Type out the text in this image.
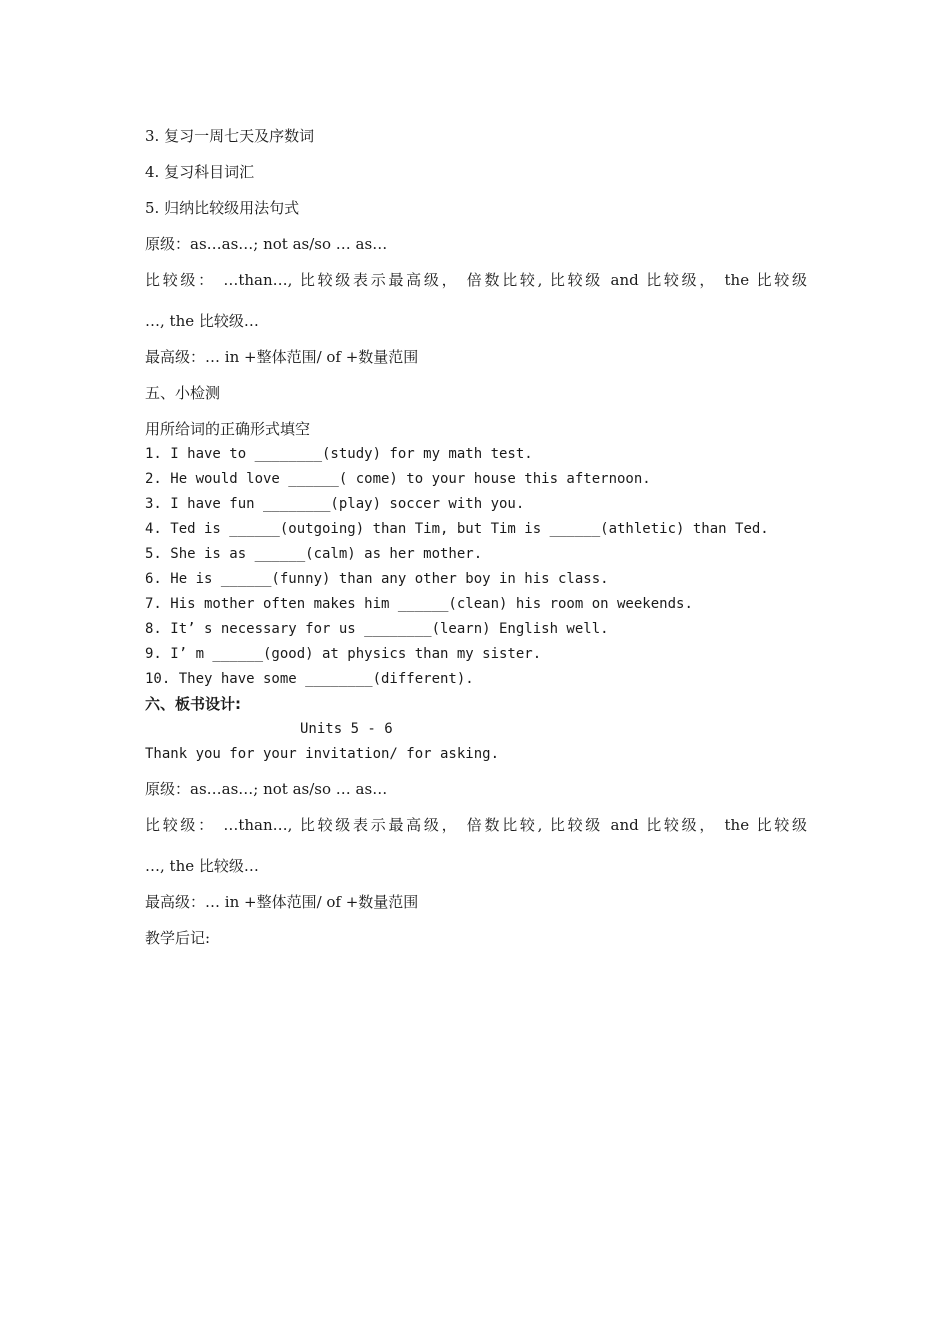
3. 复习一周七天及序数词

4. 复习科目词汇

5. 归纳比较级用法句式

原级：as…as…; not as/so … as…

比较级： …than…, 比较级表示最高级， 倍数比较, 比较级 and 比较级， the 比较级

…, the 比较级…

最高级：… in +整体范围/ of +数量范围

五、小检测

用所给词的正确形式填空

1. I have to ________(study) for my math test.

2. He would love ______( come) to your house this afternoon.

3. I have fun ________(play) soccer with you.

4. Ted is ______(outgoing) than Tim, but Tim is ______(athletic) than Ted.

5. She is as ______(calm) as her mother.

6. He is ______(funny) than any other boy in his class.

7. His mother often makes him ______(clean) his room on weekends.

8. It’ s necessary for us ________(learn) English well.

9. I’ m ______(good) at physics than my sister.

10. They have some ________(different).

六、板书设计:

Units 5 - 6

Thank you for your invitation/ for asking.

原级：as…as…; not as/so … as…

比较级： …than…, 比较级表示最高级， 倍数比较, 比较级 and 比较级， the 比较级

…, the 比较级…

最高级：… in +整体范围/ of +数量范围

教学后记:
